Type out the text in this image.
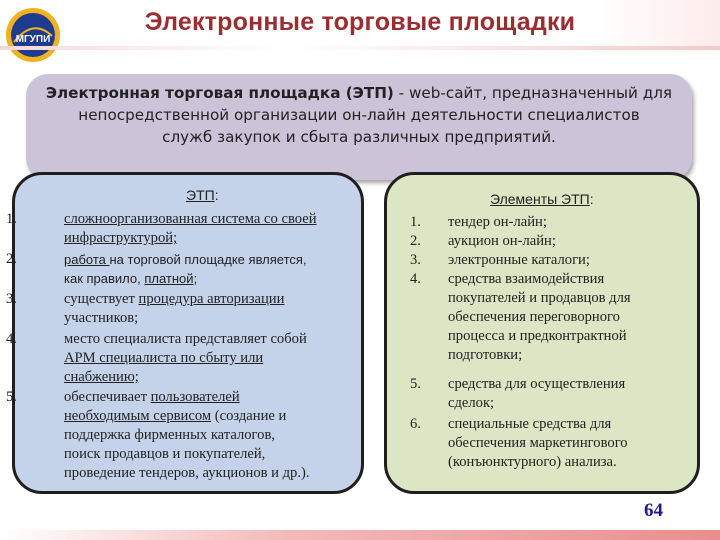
МГУПИ
Электронные торговые площадки
Электронная торговая площадка (ЭТП) - web-сайт, предназначенный для
непосредственной организации он-лайн деятельности специалистов
служб закупок и сбыта различных предприятий.
ЭТП:
1.	сложноорганизованная система со своей
инфраструктурой;
2.	работа на торговой площадке является,
как правило, платной;
3.	существует процедура авторизации
участников;
4.	место специалиста представляет собой
АРМ специалиста по сбыту или
снабжению;
5.	обеспечивает пользователей
необходимым сервисом (создание и
поддержка фирменных каталогов,
поиск продавцов и покупателей,
проведение тендеров, аукционов и др.).
Элементы ЭТП:
1. тендер он-лайн;
2. аукцион он-лайн;
3. электронные каталоги;
4. средства взаимодействия
покупателей и продавцов для
обеспечения переговорного
процесса и предконтрактной
подготовки;
5. средства для осуществления
сделок;
6. специальные средства для
обеспечения маркетингового
(конъюнктурного) анализа.
64
